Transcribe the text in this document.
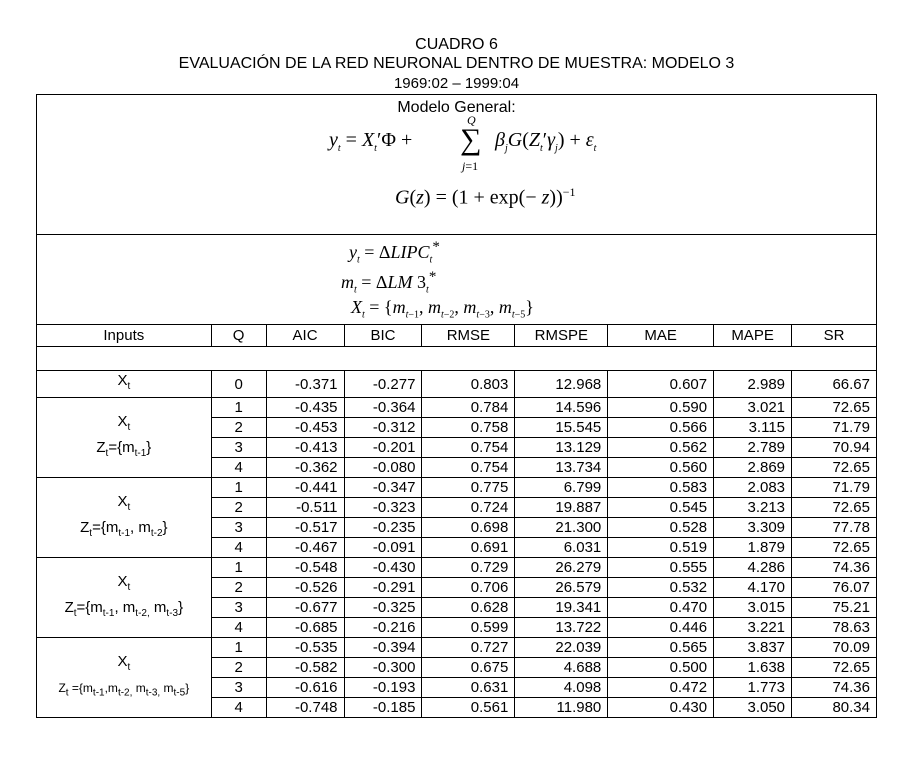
CUADRO 6
EVALUACIÓN DE LA RED NEURONAL DENTRO DE MUESTRA: MODELO 3
1969:02 – 1999:04
Modelo General:
$y_t = X_t'\Phi$ +
Q
∑
j=1
$\beta_jG(Z_t'\gamma_j) + \varepsilon_t$
$G(z) = (1 + \exp(- z))^{-1}$
$y_t$ = $\Delta LIPC_t^*$
$m_t = \Delta LM$ $3_t^*$
$X_t = \{m_{t-1}$, $m_{t-2}$, $m_{t-3}$, $m_{t-5}$}
Inputs	Q	AIC	BIC	RMSE	RMSPE	MAE	MAPE	SR

$X_t$	0	-0.371	-0.277	0.803	12.968	0.607	2.989	66.67
$X_t$
$Z_t=\{m_{t-1}\}$	1	-0.435	-0.364	0.784	14.596	0.590	3.021	72.65
	2	-0.453	-0.312	0.758	15.545	0.566	3.115	71.79
	3	-0.413	-0.201	0.754	13.129	0.562	2.789	70.94
	4	-0.362	-0.080	0.754	13.734	0.560	2.869	72.65
$X_t$
$Z_t=\{m_{t-1}$, $m_{t-2}$}	1	-0.441	-0.347	0.775	6.799	0.583	2.083	71.79
	2	-0.511	-0.323	0.724	19.887	0.545	3.213	72.65
	3	-0.517	-0.235	0.698	21.300	0.528	3.309	77.78
	4	-0.467	-0.091	0.691	6.031	0.519	1.879	72.65
$X_t$
$Z_t=\{m_{t-1}$, $m_{t-2,}$ $m_{t-3}$}	1	-0.548	-0.430	0.729	26.279	0.555	4.286	74.36
	2	-0.526	-0.291	0.706	26.579	0.532	4.170	76.07
	3	-0.677	-0.325	0.628	19.341	0.470	3.015	75.21
	4	-0.685	-0.216	0.599	13.722	0.446	3.221	78.63
$X_t$
$Z_t =\{m_{t-1},m_{t-2,}$ $m_{t-3,}$ $m_{t-5}$}	1	-0.535	-0.394	0.727	22.039	0.565	3.837	70.09
	2	-0.582	-0.300	0.675	4.688	0.500	1.638	72.65
	3	-0.616	-0.193	0.631	4.098	0.472	1.773	74.36
	4	-0.748	-0.185	0.561	11.980	0.430	3.050	80.34
